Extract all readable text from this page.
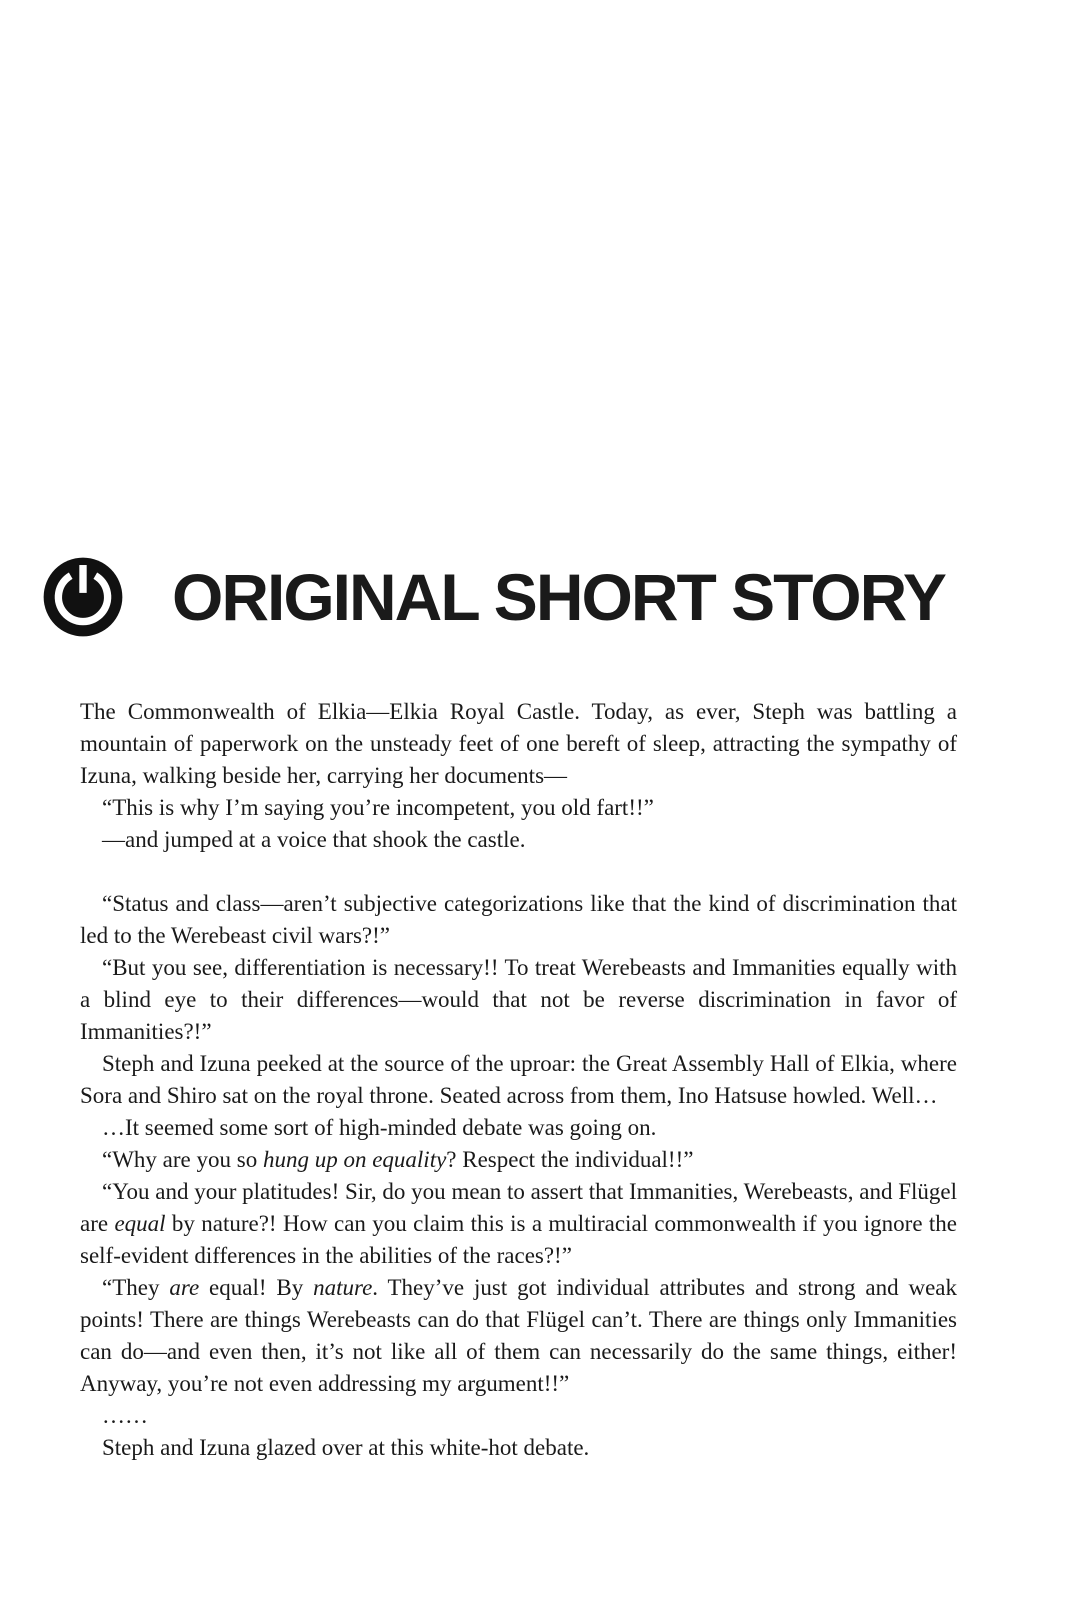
ORIGINAL SHORT STORY

The Commonwealth of Elkia—Elkia Royal Castle. Today, as ever, Steph was battling a mountain of paperwork on the unsteady feet of one bereft of sleep, attracting the sympathy of Izuna, walking beside her, carrying her documents—

“This is why I’m saying you’re incompetent, you old fart!!”

—and jumped at a voice that shook the castle.

“Status and class—aren’t subjective categorizations like that the kind of discrimination that led to the Werebeast civil wars?!”

“But you see, differentiation is necessary!! To treat Werebeasts and Immanities equally with a blind eye to their differences—would that not be reverse discrimination in favor of Immanities?!”

Steph and Izuna peeked at the source of the uproar: the Great Assembly Hall of Elkia, where Sora and Shiro sat on the royal throne. Seated across from them, Ino Hatsuse howled. Well…

…It seemed some sort of high-minded debate was going on.

“Why are you so hung up on equality? Respect the individual!!”

“You and your platitudes! Sir, do you mean to assert that Immanities, Werebeasts, and Flügel are equal by nature?! How can you claim this is a multiracial commonwealth if you ignore the self-evident differences in the abilities of the races?!”

“They are equal! By nature. They’ve just got individual attributes and strong and weak points! There are things Werebeasts can do that Flügel can’t. There are things only Immanities can do—and even then, it’s not like all of them can necessarily do the same things, either! Anyway, you’re not even addressing my argument!!”

……

Steph and Izuna glazed over at this white-hot debate.
